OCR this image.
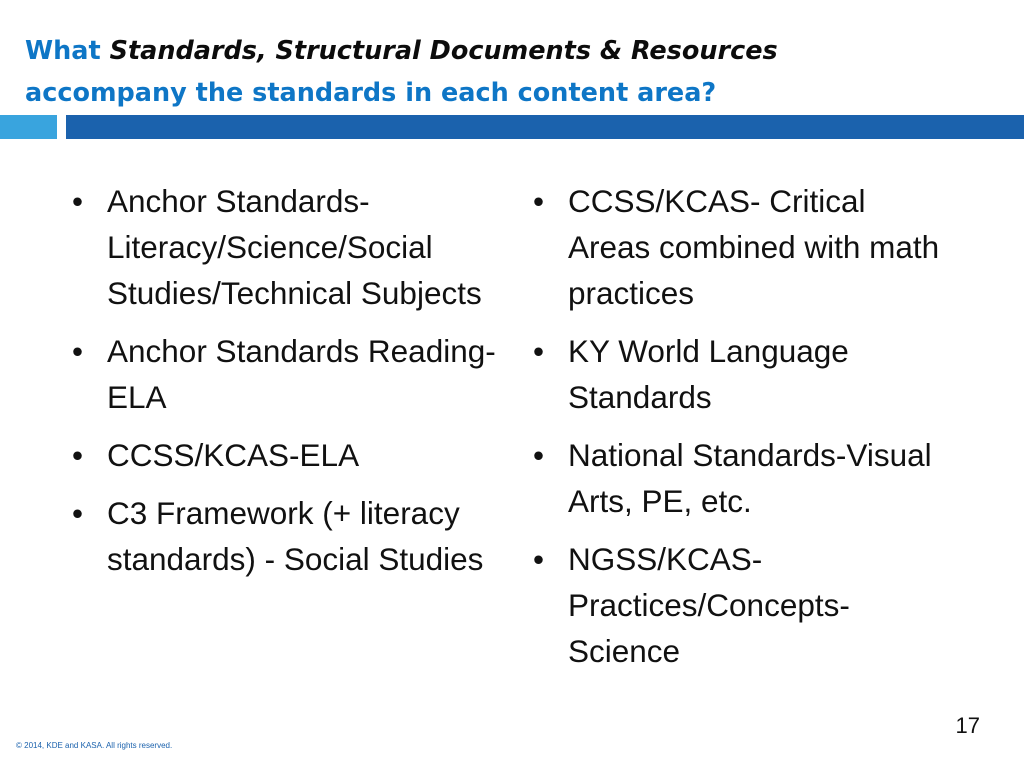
What Standards, Structural Documents & Resources
accompany the standards in each content area?
• Anchor Standards-Literacy/Science/Social Studies/Technical Subjects
• Anchor Standards Reading-ELA
• CCSS/KCAS-ELA
• C3 Framework (+ literacy standards) - Social Studies
• CCSS/KCAS- Critical Areas combined with math practices
• KY World Language Standards
• National Standards-Visual Arts, PE, etc.
• NGSS/KCAS-Practices/Concepts-Science
17
© 2014, KDE and KASA. All rights reserved.
